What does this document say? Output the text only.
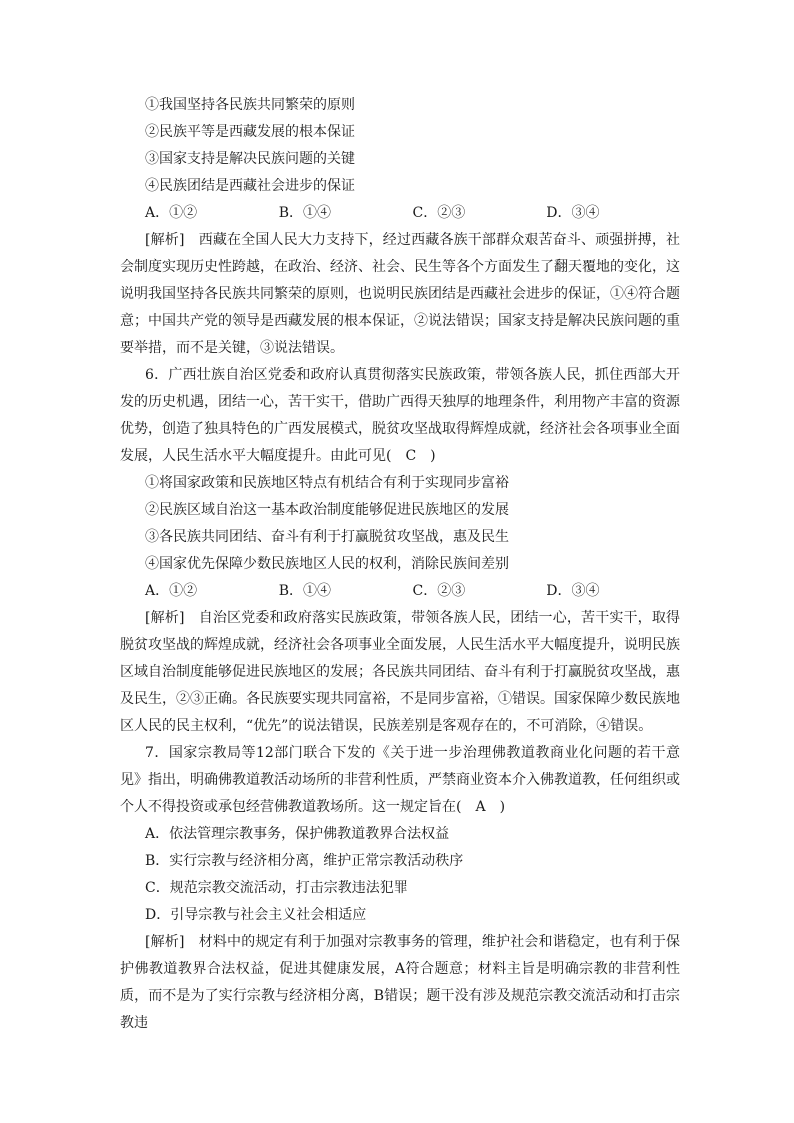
①我国坚持各民族共同繁荣的原则

②民族平等是西藏发展的根本保证

③国家支持是解决民族问题的关键

④民族团结是西藏社会进步的保证

A．①②	B．①④	C．②③	D．③④

[解析]　西藏在全国人民大力支持下，经过西藏各族干部群众艰苦奋斗、顽强拼搏，社会制度实现历史性跨越，在政治、经济、社会、民生等各个方面发生了翻天覆地的变化，这说明我国坚持各民族共同繁荣的原则，也说明民族团结是西藏社会进步的保证，①④符合题意；中国共产党的领导是西藏发展的根本保证，②说法错误；国家支持是解决民族问题的重要举措，而不是关键，③说法错误。

6．广西壮族自治区党委和政府认真贯彻落实民族政策，带领各族人民，抓住西部大开发的历史机遇，团结一心，苦干实干，借助广西得天独厚的地理条件，利用物产丰富的资源优势，创造了独具特色的广西发展模式，脱贫攻坚战取得辉煌成就，经济社会各项事业全面发展，人民生活水平大幅度提升。由此可见(　C　)

①将国家政策和民族地区特点有机结合有利于实现同步富裕

②民族区域自治这一基本政治制度能够促进民族地区的发展

③各民族共同团结、奋斗有利于打赢脱贫攻坚战，惠及民生

④国家优先保障少数民族地区人民的权利，消除民族间差别

A．①②	B．①④	C．②③	D．③④

[解析]　自治区党委和政府落实民族政策，带领各族人民，团结一心，苦干实干，取得脱贫攻坚战的辉煌成就，经济社会各项事业全面发展，人民生活水平大幅度提升，说明民族区域自治制度能够促进民族地区的发展；各民族共同团结、奋斗有利于打赢脱贫攻坚战，惠及民生，②③正确。各民族要实现共同富裕，不是同步富裕，①错误。国家保障少数民族地区人民的民主权利，“优先”的说法错误，民族差别是客观存在的，不可消除，④错误。

7．国家宗教局等12部门联合下发的《关于进一步治理佛教道教商业化问题的若干意见》指出，明确佛教道教活动场所的非营利性质，严禁商业资本介入佛教道教，任何组织或个人不得投资或承包经营佛教道教场所。这一规定旨在(　A　)

A．依法管理宗教事务，保护佛教道教界合法权益

B．实行宗教与经济相分离，维护正常宗教活动秩序

C．规范宗教交流活动，打击宗教违法犯罪

D．引导宗教与社会主义社会相适应

[解析]　材料中的规定有利于加强对宗教事务的管理，维护社会和谐稳定，也有利于保护佛教道教界合法权益，促进其健康发展，A符合题意；材料主旨是明确宗教的非营利性质，而不是为了实行宗教与经济相分离，B错误；题干没有涉及规范宗教交流活动和打击宗教违
